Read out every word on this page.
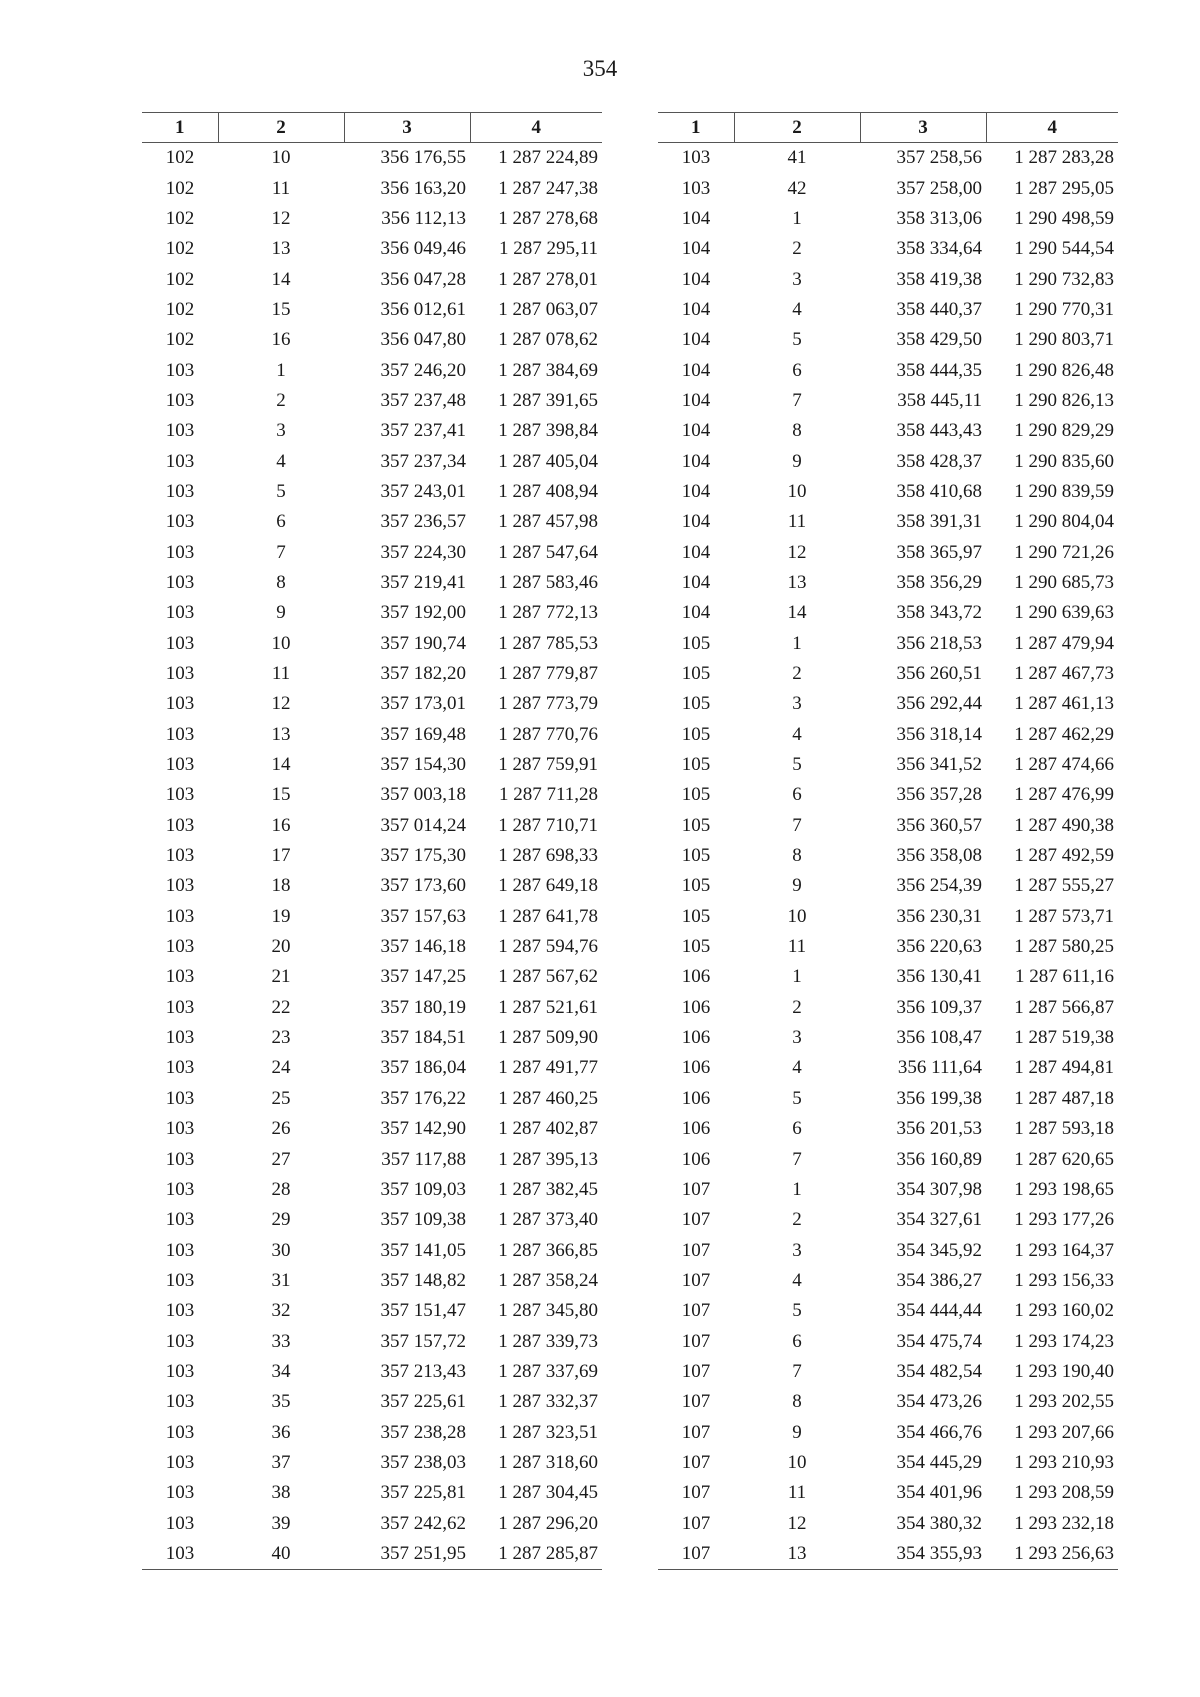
354
1	2	3	4
102	10	356 176,55	1 287 224,89
102	11	356 163,20	1 287 247,38
102	12	356 112,13	1 287 278,68
102	13	356 049,46	1 287 295,11
102	14	356 047,28	1 287 278,01
102	15	356 012,61	1 287 063,07
102	16	356 047,80	1 287 078,62
103	1	357 246,20	1 287 384,69
103	2	357 237,48	1 287 391,65
103	3	357 237,41	1 287 398,84
103	4	357 237,34	1 287 405,04
103	5	357 243,01	1 287 408,94
103	6	357 236,57	1 287 457,98
103	7	357 224,30	1 287 547,64
103	8	357 219,41	1 287 583,46
103	9	357 192,00	1 287 772,13
103	10	357 190,74	1 287 785,53
103	11	357 182,20	1 287 779,87
103	12	357 173,01	1 287 773,79
103	13	357 169,48	1 287 770,76
103	14	357 154,30	1 287 759,91
103	15	357 003,18	1 287 711,28
103	16	357 014,24	1 287 710,71
103	17	357 175,30	1 287 698,33
103	18	357 173,60	1 287 649,18
103	19	357 157,63	1 287 641,78
103	20	357 146,18	1 287 594,76
103	21	357 147,25	1 287 567,62
103	22	357 180,19	1 287 521,61
103	23	357 184,51	1 287 509,90
103	24	357 186,04	1 287 491,77
103	25	357 176,22	1 287 460,25
103	26	357 142,90	1 287 402,87
103	27	357 117,88	1 287 395,13
103	28	357 109,03	1 287 382,45
103	29	357 109,38	1 287 373,40
103	30	357 141,05	1 287 366,85
103	31	357 148,82	1 287 358,24
103	32	357 151,47	1 287 345,80
103	33	357 157,72	1 287 339,73
103	34	357 213,43	1 287 337,69
103	35	357 225,61	1 287 332,37
103	36	357 238,28	1 287 323,51
103	37	357 238,03	1 287 318,60
103	38	357 225,81	1 287 304,45
103	39	357 242,62	1 287 296,20
103	40	357 251,95	1 287 285,87
1	2	3	4
103	41	357 258,56	1 287 283,28
103	42	357 258,00	1 287 295,05
104	1	358 313,06	1 290 498,59
104	2	358 334,64	1 290 544,54
104	3	358 419,38	1 290 732,83
104	4	358 440,37	1 290 770,31
104	5	358 429,50	1 290 803,71
104	6	358 444,35	1 290 826,48
104	7	358 445,11	1 290 826,13
104	8	358 443,43	1 290 829,29
104	9	358 428,37	1 290 835,60
104	10	358 410,68	1 290 839,59
104	11	358 391,31	1 290 804,04
104	12	358 365,97	1 290 721,26
104	13	358 356,29	1 290 685,73
104	14	358 343,72	1 290 639,63
105	1	356 218,53	1 287 479,94
105	2	356 260,51	1 287 467,73
105	3	356 292,44	1 287 461,13
105	4	356 318,14	1 287 462,29
105	5	356 341,52	1 287 474,66
105	6	356 357,28	1 287 476,99
105	7	356 360,57	1 287 490,38
105	8	356 358,08	1 287 492,59
105	9	356 254,39	1 287 555,27
105	10	356 230,31	1 287 573,71
105	11	356 220,63	1 287 580,25
106	1	356 130,41	1 287 611,16
106	2	356 109,37	1 287 566,87
106	3	356 108,47	1 287 519,38
106	4	356 111,64	1 287 494,81
106	5	356 199,38	1 287 487,18
106	6	356 201,53	1 287 593,18
106	7	356 160,89	1 287 620,65
107	1	354 307,98	1 293 198,65
107	2	354 327,61	1 293 177,26
107	3	354 345,92	1 293 164,37
107	4	354 386,27	1 293 156,33
107	5	354 444,44	1 293 160,02
107	6	354 475,74	1 293 174,23
107	7	354 482,54	1 293 190,40
107	8	354 473,26	1 293 202,55
107	9	354 466,76	1 293 207,66
107	10	354 445,29	1 293 210,93
107	11	354 401,96	1 293 208,59
107	12	354 380,32	1 293 232,18
107	13	354 355,93	1 293 256,63
